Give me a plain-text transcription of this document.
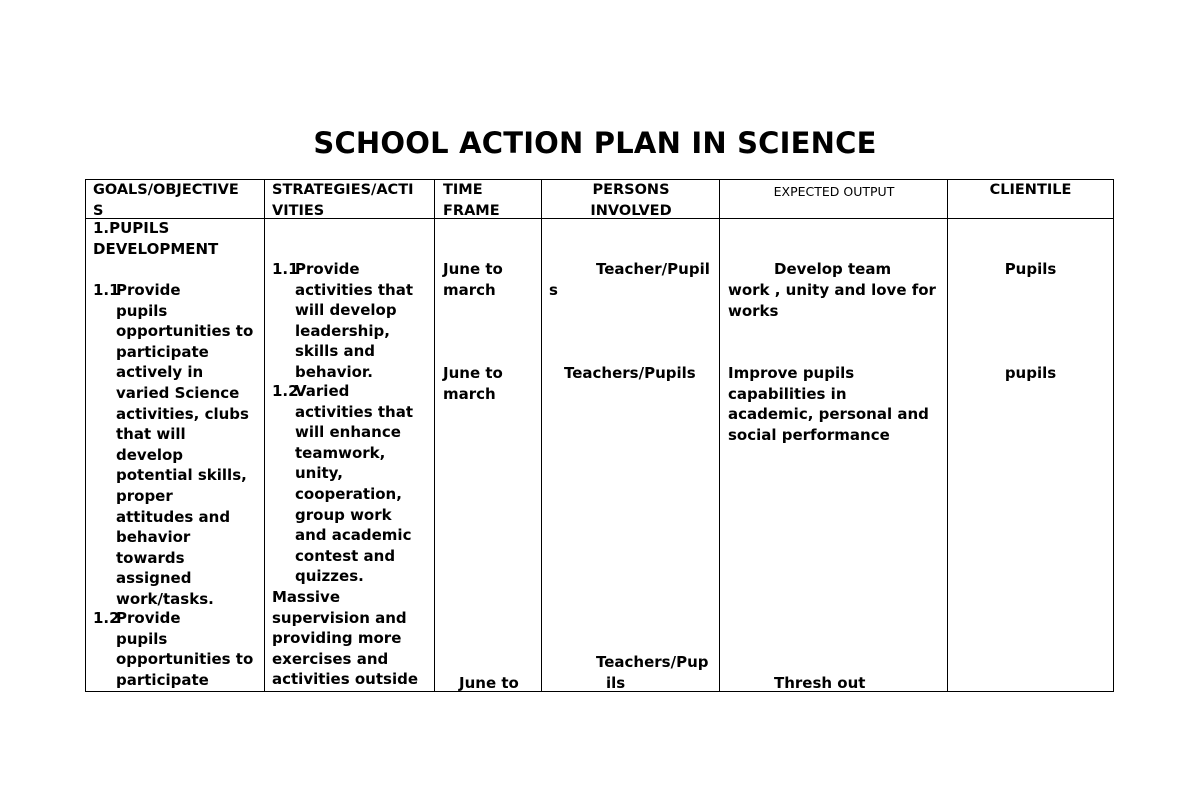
SCHOOL ACTION PLAN IN SCIENCE
GOALS/OBJECTIVE
S
STRATEGIES/ACTI
VITIES
TIME
FRAME
PERSONS
INVOLVED
EXPECTED OUTPUT	CLIENTILE
1.PUPILS
DEVELOPMENT
1.1
Provide
pupils
opportunities to
participate
actively in
varied Science
activities, clubs
that will
develop
potential skills,
proper
attitudes and
behavior
towards
assigned
work/tasks.
1.2
Provide
pupils
opportunities to
participate
1.1
Provide
activities that
will develop
leadership,
skills and
behavior.
1.2
Varied
activities that
will enhance
teamwork,
unity,
cooperation,
group work
and academic
contest and
quizzes.
Massive
supervision and
providing more
exercises and
activities outside
June to
march
June to
march
June to
Teacher/Pupil
s
Teachers/Pupils
Teachers/Pup
ils
Develop team
work , unity and love for
works
Improve pupils
capabilities in
academic, personal and
social performance
Thresh out
Pupils
pupils
